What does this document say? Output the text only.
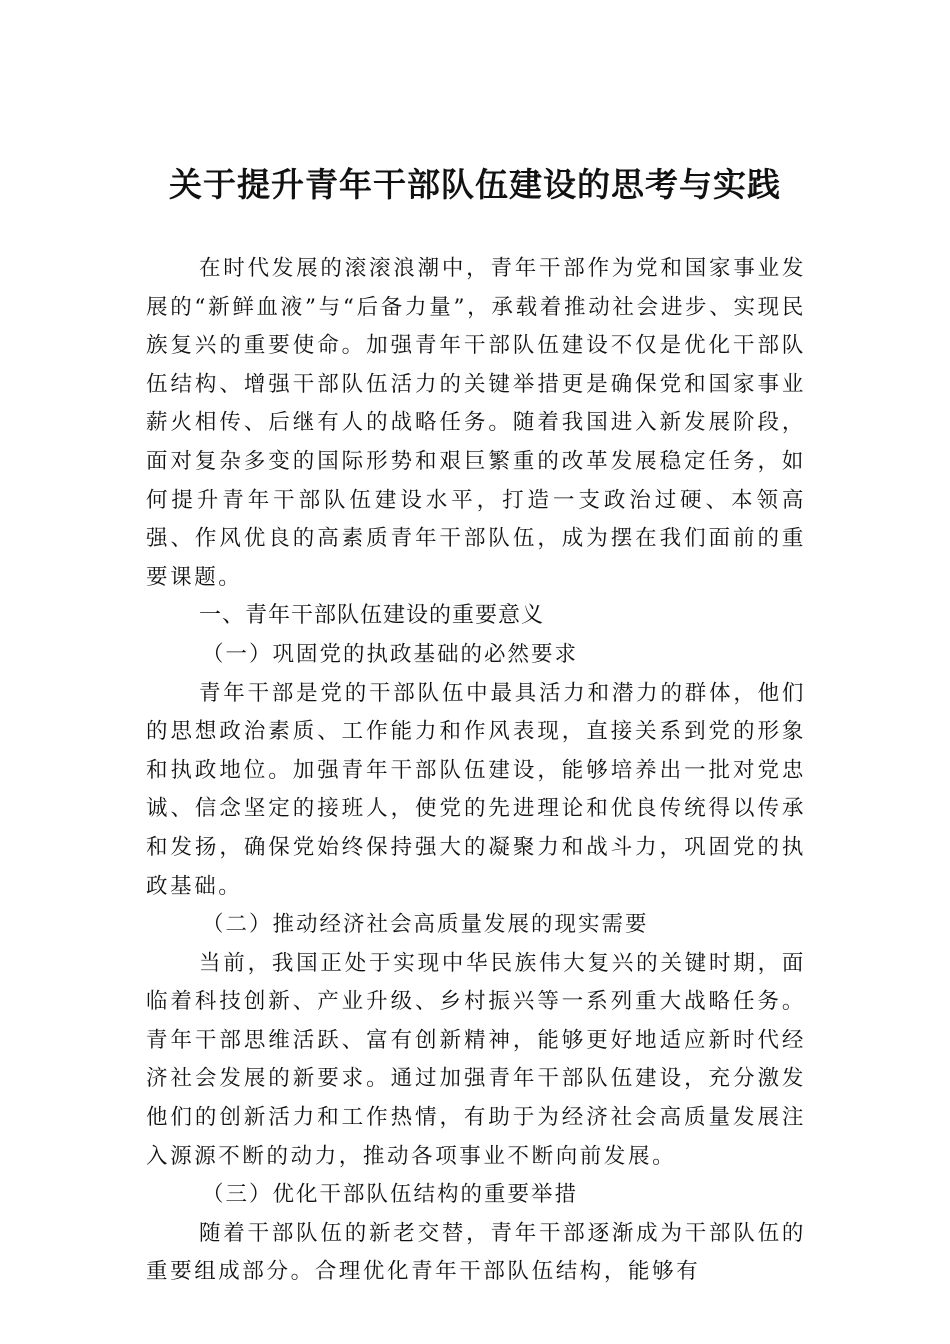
关于提升青年干部队伍建设的思考与实践

在时代发展的滚滚浪潮中，青年干部作为党和国家事业发展的“新鲜血液”与“后备力量”，承载着推动社会进步、实现民族复兴的重要使命。加强青年干部队伍建设不仅是优化干部队伍结构、增强干部队伍活力的关键举措更是确保党和国家事业薪火相传、后继有人的战略任务。随着我国进入新发展阶段，面对复杂多变的国际形势和艰巨繁重的改革发展稳定任务，如何提升青年干部队伍建设水平，打造一支政治过硬、本领高强、作风优良的高素质青年干部队伍，成为摆在我们面前的重要课题。

一、青年干部队伍建设的重要意义
（一）巩固党的执政基础的必然要求

青年干部是党的干部队伍中最具活力和潜力的群体，他们的思想政治素质、工作能力和作风表现，直接关系到党的形象和执政地位。加强青年干部队伍建设，能够培养出一批对党忠诚、信念坚定的接班人，使党的先进理论和优良传统得以传承和发扬，确保党始终保持强大的凝聚力和战斗力，巩固党的执政基础。

（二）推动经济社会高质量发展的现实需要

当前，我国正处于实现中华民族伟大复兴的关键时期，面临着科技创新、产业升级、乡村振兴等一系列重大战略任务。青年干部思维活跃、富有创新精神，能够更好地适应新时代经济社会发展的新要求。通过加强青年干部队伍建设，充分激发他们的创新活力和工作热情，有助于为经济社会高质量发展注入源源不断的动力，推动各项事业不断向前发展。

（三）优化干部队伍结构的重要举措

随着干部队伍的新老交替，青年干部逐渐成为干部队伍的重要组成部分。合理优化青年干部队伍结构，能够有
